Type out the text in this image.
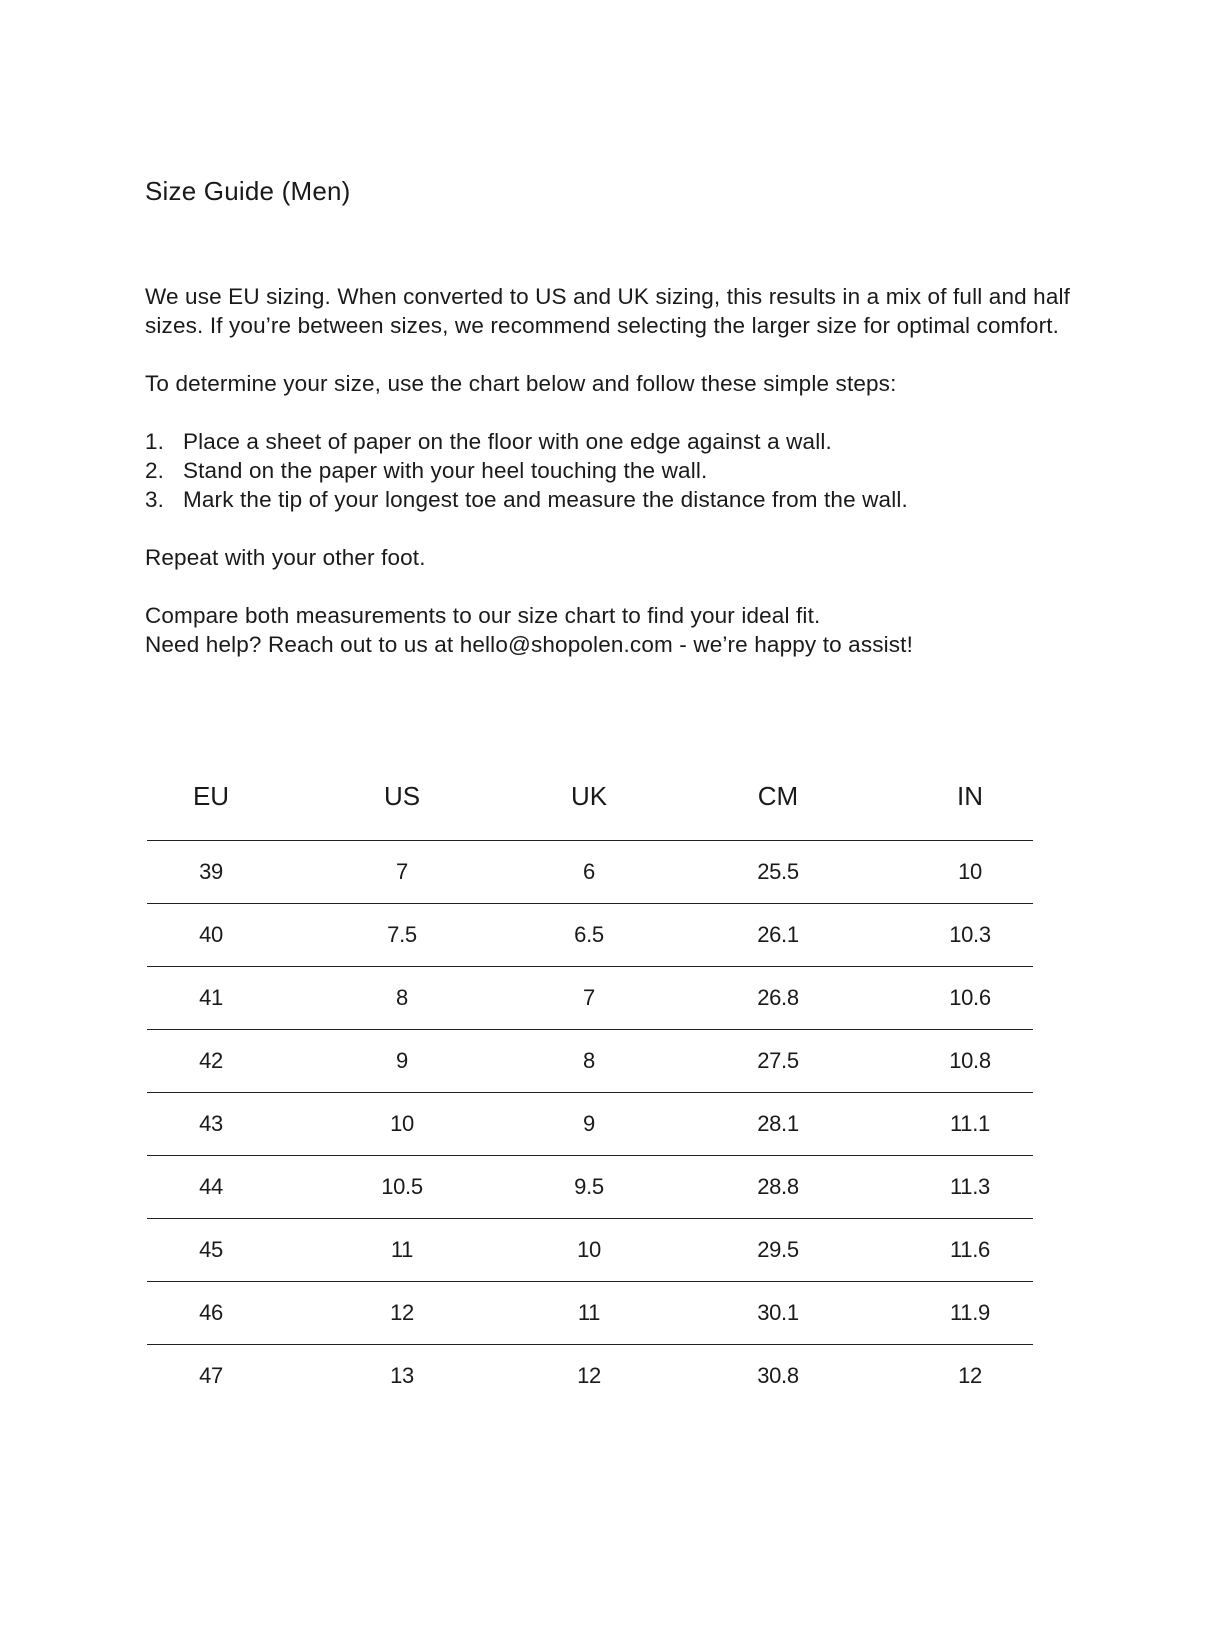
Size Guide (Men)

We use EU sizing. When converted to US and UK sizing, this results in a mix of full and half sizes. If you’re between sizes, we recommend selecting the larger size for optimal comfort.

To determine your size, use the chart below and follow these simple steps:

1. Place a sheet of paper on the floor with one edge against a wall.
2. Stand on the paper with your heel touching the wall.
3. Mark the tip of your longest toe and measure the distance from the wall.

Repeat with your other foot.

Compare both measurements to our size chart to find your ideal fit.
Need help? Reach out to us at hello@shopolen.com - we’re happy to assist!

EU	US	UK	CM	IN
39	7	6	25.5	10
40	7.5	6.5	26.1	10.3
41	8	7	26.8	10.6
42	9	8	27.5	10.8
43	10	9	28.1	11.1
44	10.5	9.5	28.8	11.3
45	11	10	29.5	11.6
46	12	11	30.1	11.9
47	13	12	30.8	12
